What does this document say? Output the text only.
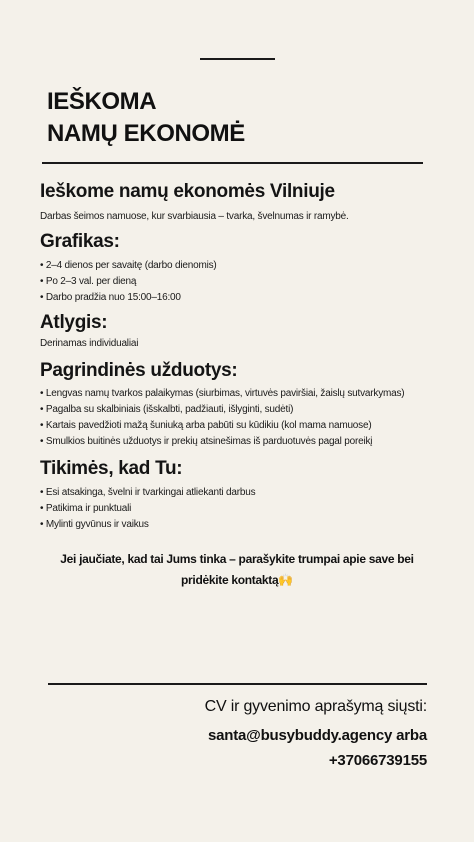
IEŠKOMA
NAMŲ EKONOMĖ
Ieškome namų ekonomės Vilniuje

Darbas šeimos namuose, kur svarbiausia – tvarka, švelnumas ir ramybė.

Grafikas:
• 2–4 dienos per savaitę (darbo dienomis)
• Po 2–3 val. per dieną
• Darbo pradžia nuo 15:00–16:00
Atlygis:

Derinamas individualiai

Pagrindinės užduotys:
• Lengvas namų tvarkos palaikymas (siurbimas, virtuvės paviršiai, žaislų sutvarkymas)
• Pagalba su skalbiniais (išskalbti, padžiauti, išlyginti, sudėti)
• Kartais pavedžioti mažą šuniuką arba pabūti su kūdikiu (kol mama namuose)
• Smulkios buitinės užduotys ir prekių atsinešimas iš parduotuvės pagal poreikį
Tikimės, kad Tu:
• Esi atsakinga, švelni ir tvarkingai atliekanti darbus
• Patikima ir punktuali
• Mylinti gyvūnus ir vaikus

Jei jaučiate, kad tai Jums tinka – parašykite trumpai apie save bei pridėkite kontaktą🙌

CV ir gyvenimo aprašymą siųsti:

santa@busybuddy.agency arba

+37066739155
